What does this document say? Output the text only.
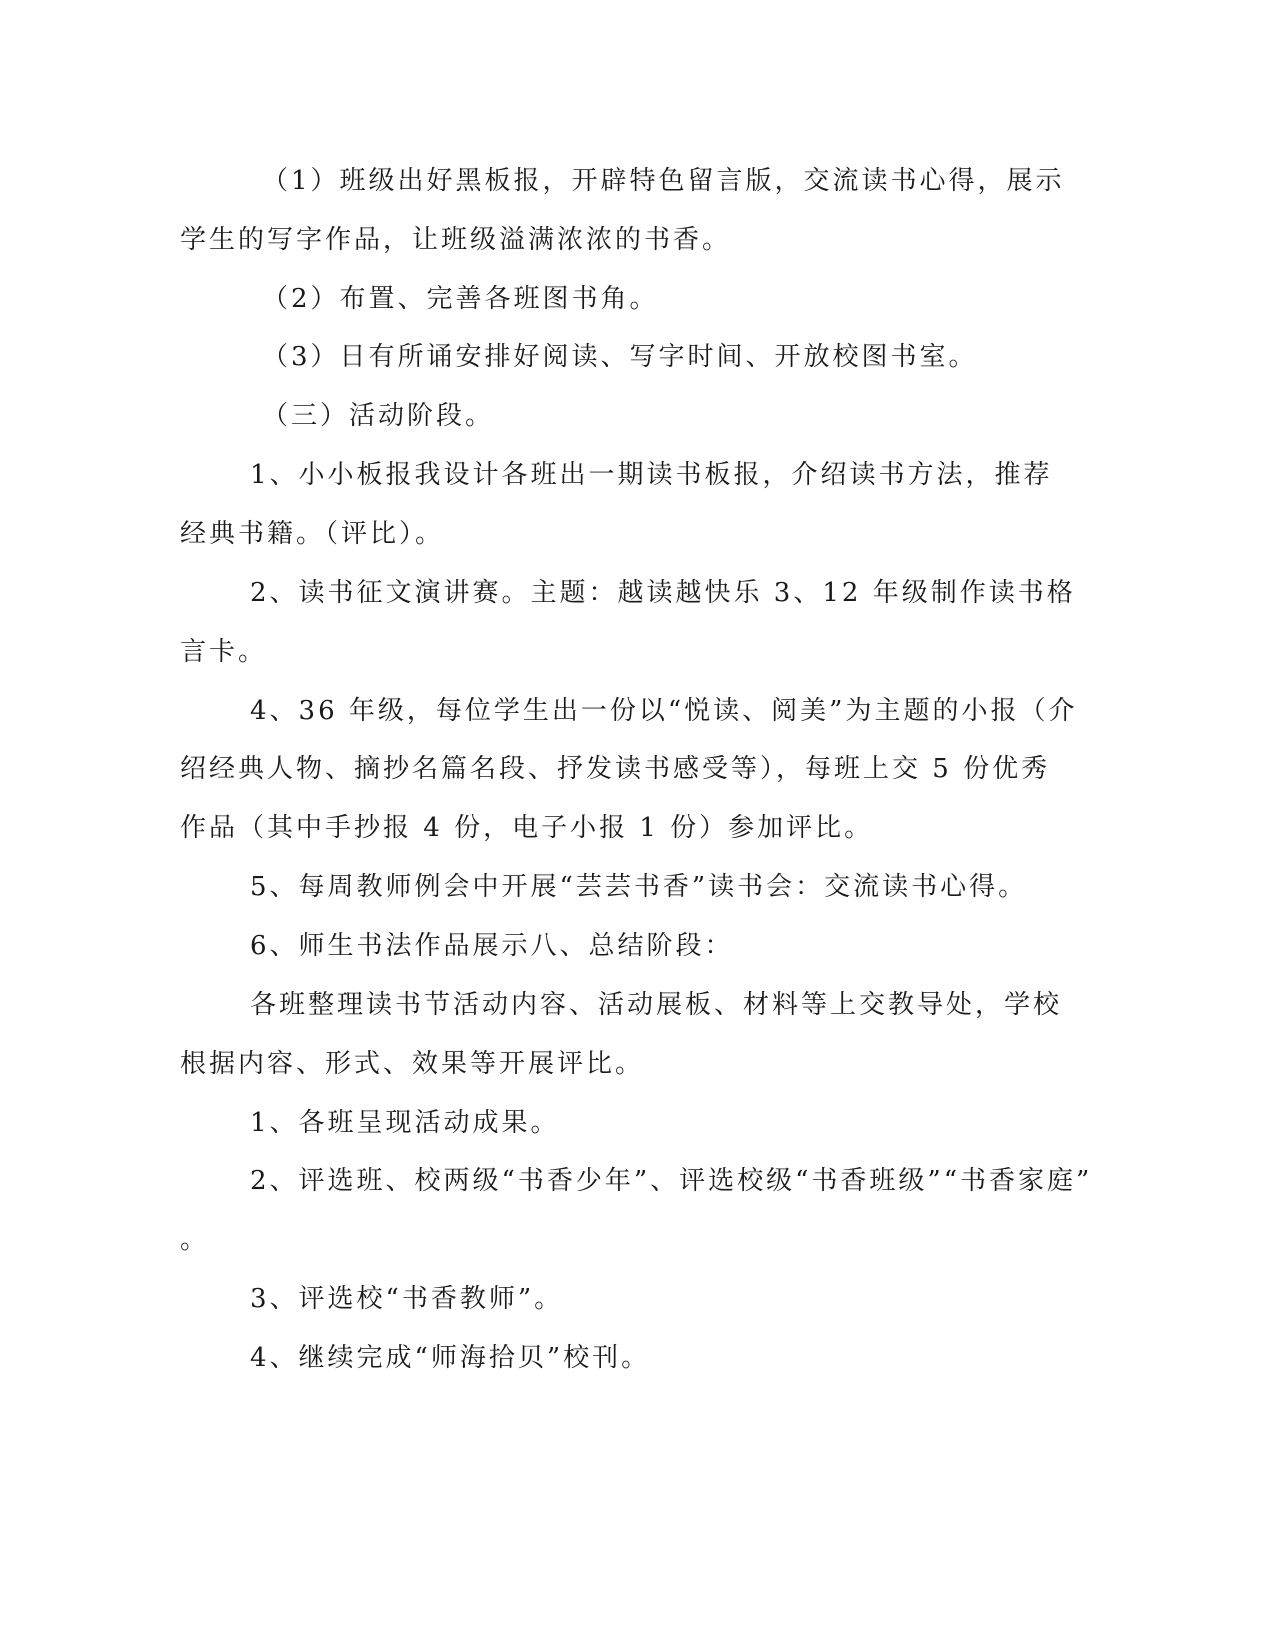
（1）班级出好黑板报，开辟特色留言版，交流读书心得，展示
学生的写字作品，让班级溢满浓浓的书香。
（2）布置、完善各班图书角。
（3）日有所诵安排好阅读、写字时间、开放校图书室。
（三）活动阶段。
1、小小板报我设计各班出一期读书板报，介绍读书方法，推荐
经典书籍。（评比）。
2、读书征文演讲赛。主题：越读越快乐 3、12 年级制作读书格
言卡。
4、36 年级，每位学生出一份以“悦读、阅美”为主题的小报（介
绍经典人物、摘抄名篇名段、抒发读书感受等），每班上交 5 份优秀
作品（其中手抄报 4 份，电子小报 1 份）参加评比。
5、每周教师例会中开展“芸芸书香”读书会：交流读书心得。
6、师生书法作品展示八、总结阶段：
各班整理读书节活动内容、活动展板、材料等上交教导处，学校
根据内容、形式、效果等开展评比。
1、各班呈现活动成果。
2、评选班、校两级“书香少年”、评选校级“书香班级”“书香家庭”
。
3、评选校“书香教师”。
4、继续完成“师海拾贝”校刊。
